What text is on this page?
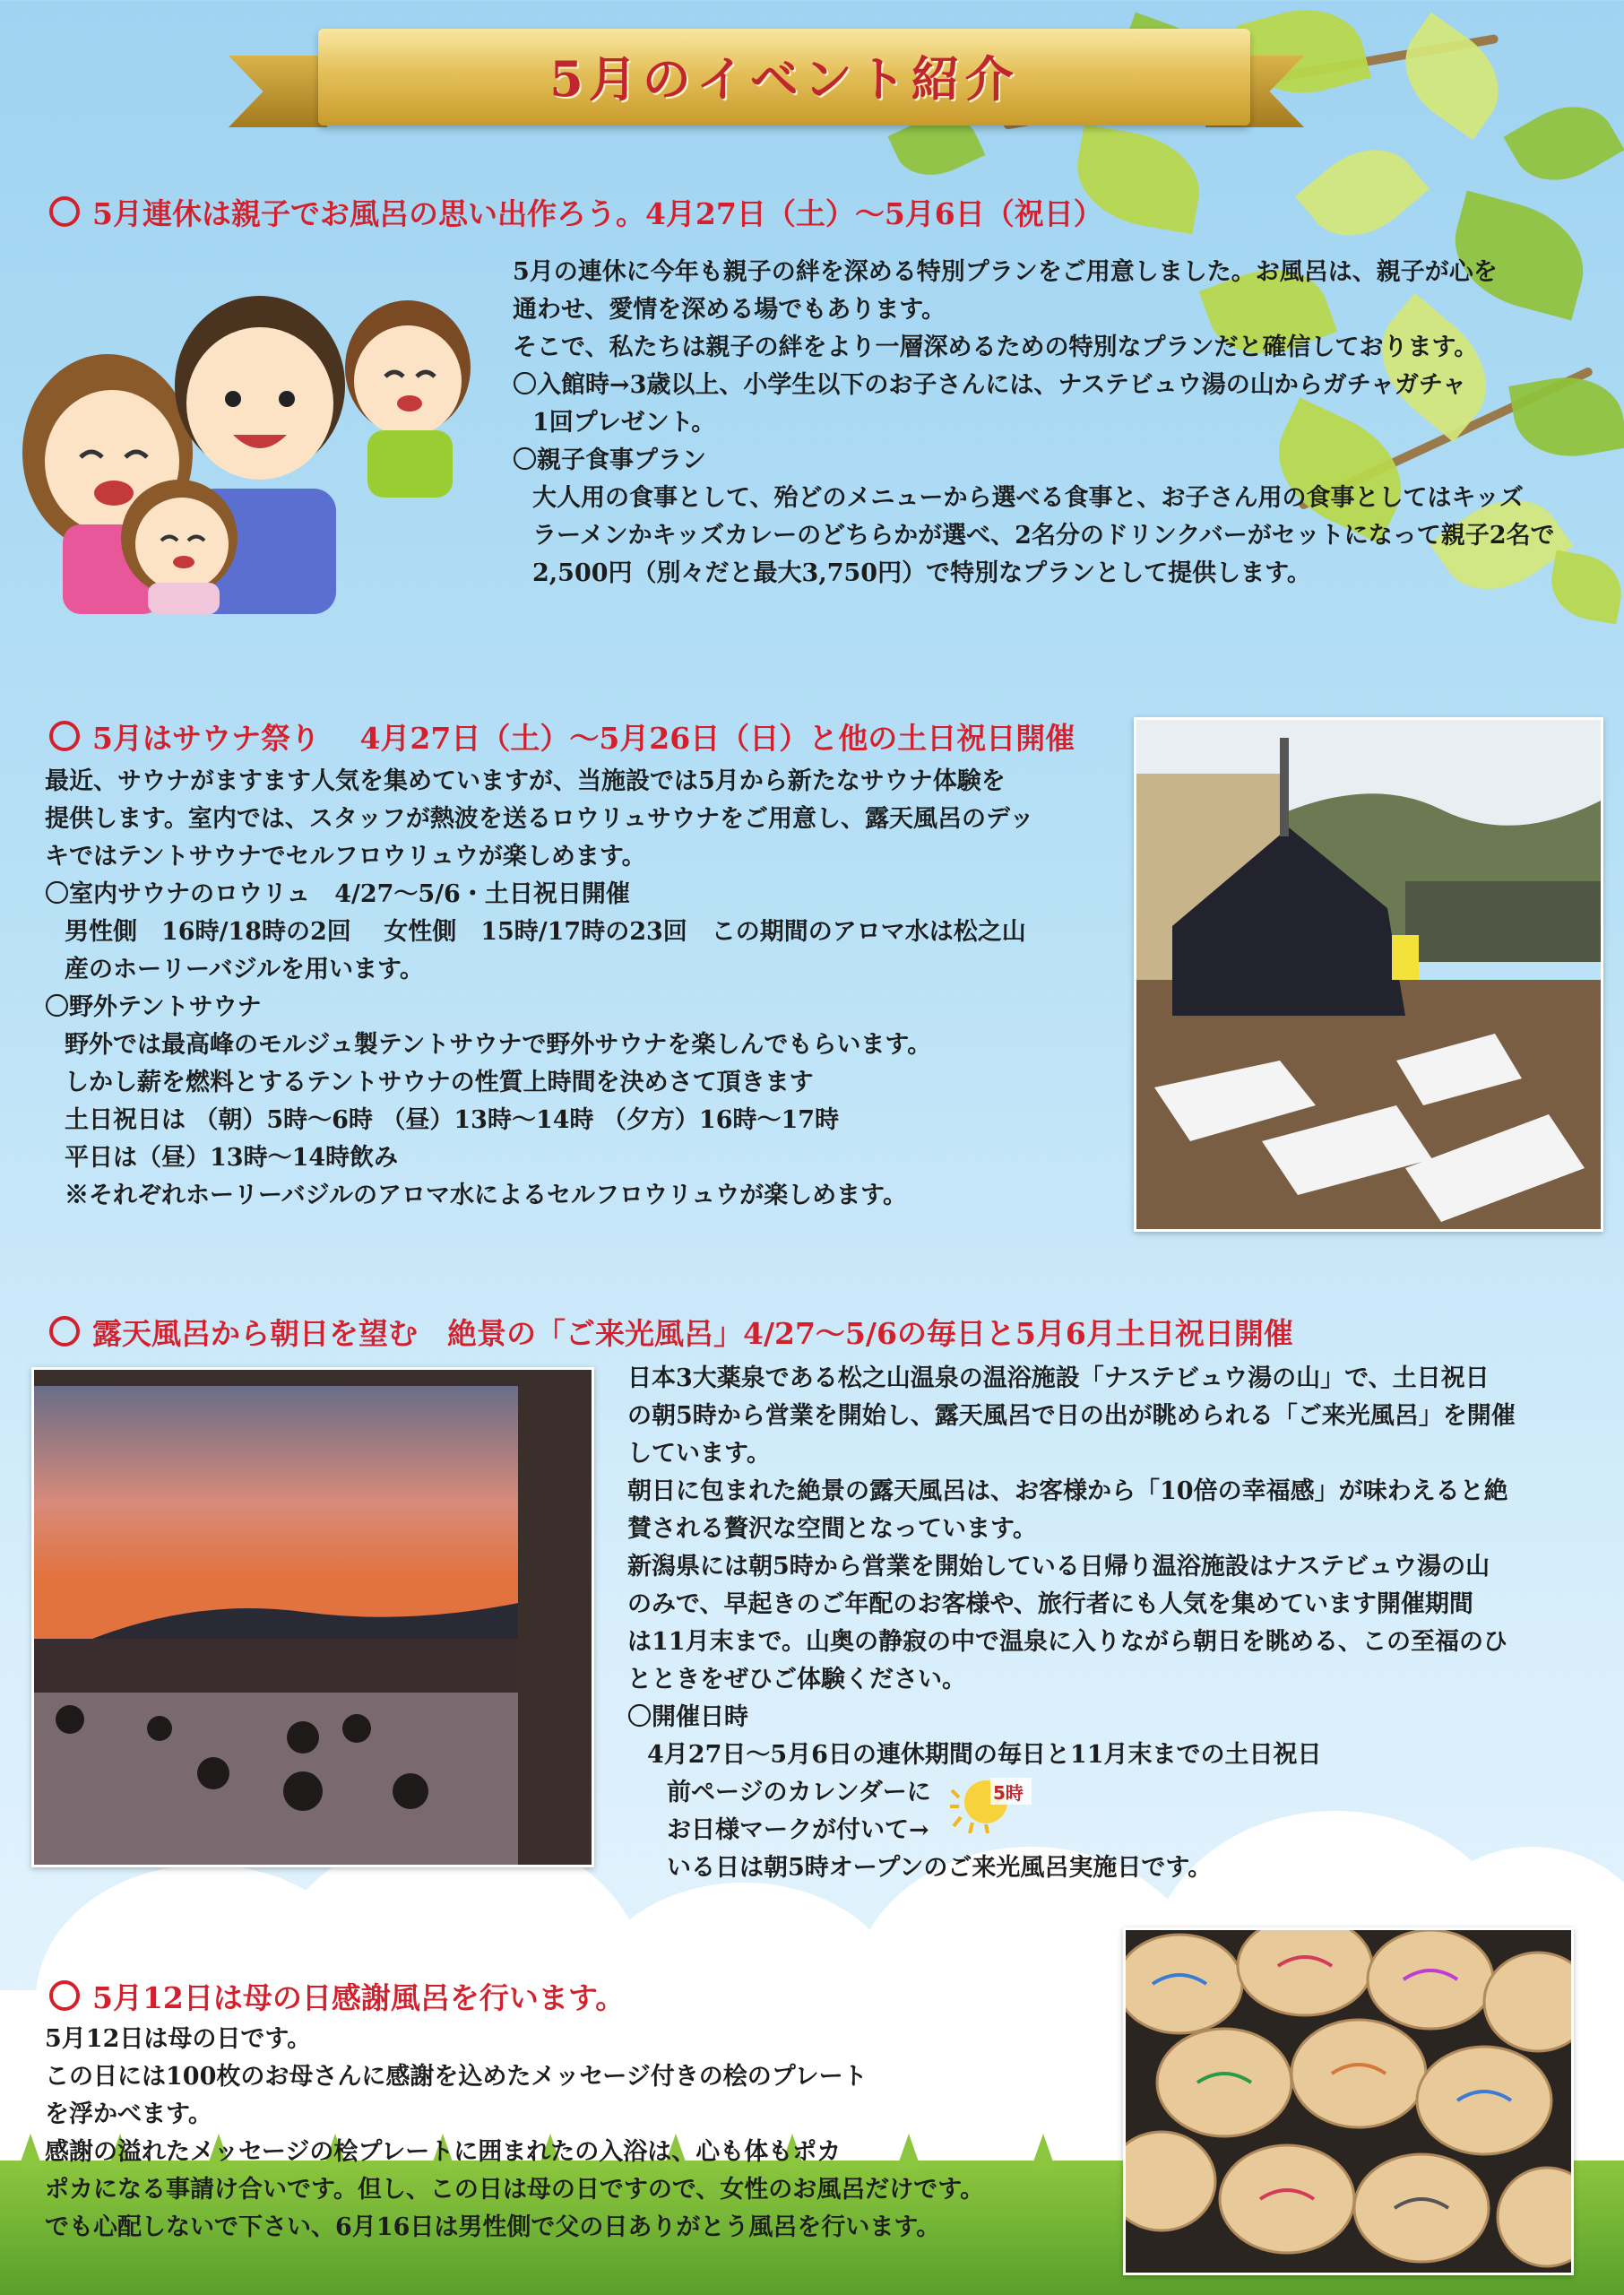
5月のイベント紹介
5月連休は親子でお風呂の思い出作ろう。4月27日（土）～5月6日（祝日）
5月の連休に今年も親子の絆を深める特別プランをご用意しました。お風呂は、親子が心を
通わせ、愛情を深める場でもあります。
そこで、私たちは親子の絆をより一層深めるための特別なプランだと確信しております。
〇入館時→3歳以上、小学生以下のお子さんには、ナステビュウ湯の山からガチャガチャ
1回プレゼント。
〇親子食事プラン
大人用の食事として、殆どのメニューから選べる食事と、お子さん用の食事としてはキッズ
ラーメンかキッズカレーのどちらかが選べ、2名分のドリンクバーがセットになって親子2名で
2,500円（別々だと最大3,750円）で特別なプランとして提供します。
5月はサウナ祭り　 4月27日（土）～5月26日（日）と他の土日祝日開催
最近、サウナがますます人気を集めていますが、当施設では5月から新たなサウナ体験を
提供します。室内では、スタッフが熱波を送るロウリュサウナをご用意し、露天風呂のデッ
キではテントサウナでセルフロウリュウが楽しめます。
〇室内サウナのロウリュ　4/27～5/6・土日祝日開催
男性側　16時/18時の2回　 女性側　15時/17時の23回　この期間のアロマ水は松之山
産のホーリーバジルを用います。
〇野外テントサウナ
野外では最高峰のモルジュ製テントサウナで野外サウナを楽しんでもらいます。
しかし薪を燃料とするテントサウナの性質上時間を決めさて頂きます
土日祝日は （朝）5時～6時 （昼）13時～14時 （夕方）16時～17時
平日は（昼）13時～14時飲み
※それぞれホーリーバジルのアロマ水によるセルフロウリュウが楽しめます。
露天風呂から朝日を望む　絶景の「ご来光風呂」4/27～5/6の毎日と5月6月土日祝日開催
日本3大薬泉である松之山温泉の温浴施設「ナステビュウ湯の山」で、土日祝日
の朝5時から営業を開始し、露天風呂で日の出が眺められる「ご来光風呂」を開催
しています。
朝日に包まれた絶景の露天風呂は、お客様から「10倍の幸福感」が味わえると絶
賛される贅沢な空間となっています。
新潟県には朝5時から営業を開始している日帰り温浴施設はナステビュウ湯の山
のみで、早起きのご年配のお客様や、旅行者にも人気を集めています開催期間
は11月末まで。山奥の静寂の中で温泉に入りながら朝日を眺める、この至福のひ
とときをぜひご体験ください。
〇開催日時
4月27日～5月6日の連休期間の毎日と11月末までの土日祝日
前ページのカレンダーに
お日様マークが付いて→
いる日は朝5時オープンのご来光風呂実施日です。
5時
5月12日は母の日感謝風呂を行います。
5月12日は母の日です。
この日には100枚のお母さんに感謝を込めたメッセージ付きの桧のプレート
を浮かべます。
感謝の溢れたメッセージの桧プレートに囲まれたの入浴は、心も体もポカ
ポカになる事請け合いです。但し、この日は母の日ですので、女性のお風呂だけです。
でも心配しないで下さい、6月16日は男性側で父の日ありがとう風呂を行います。
